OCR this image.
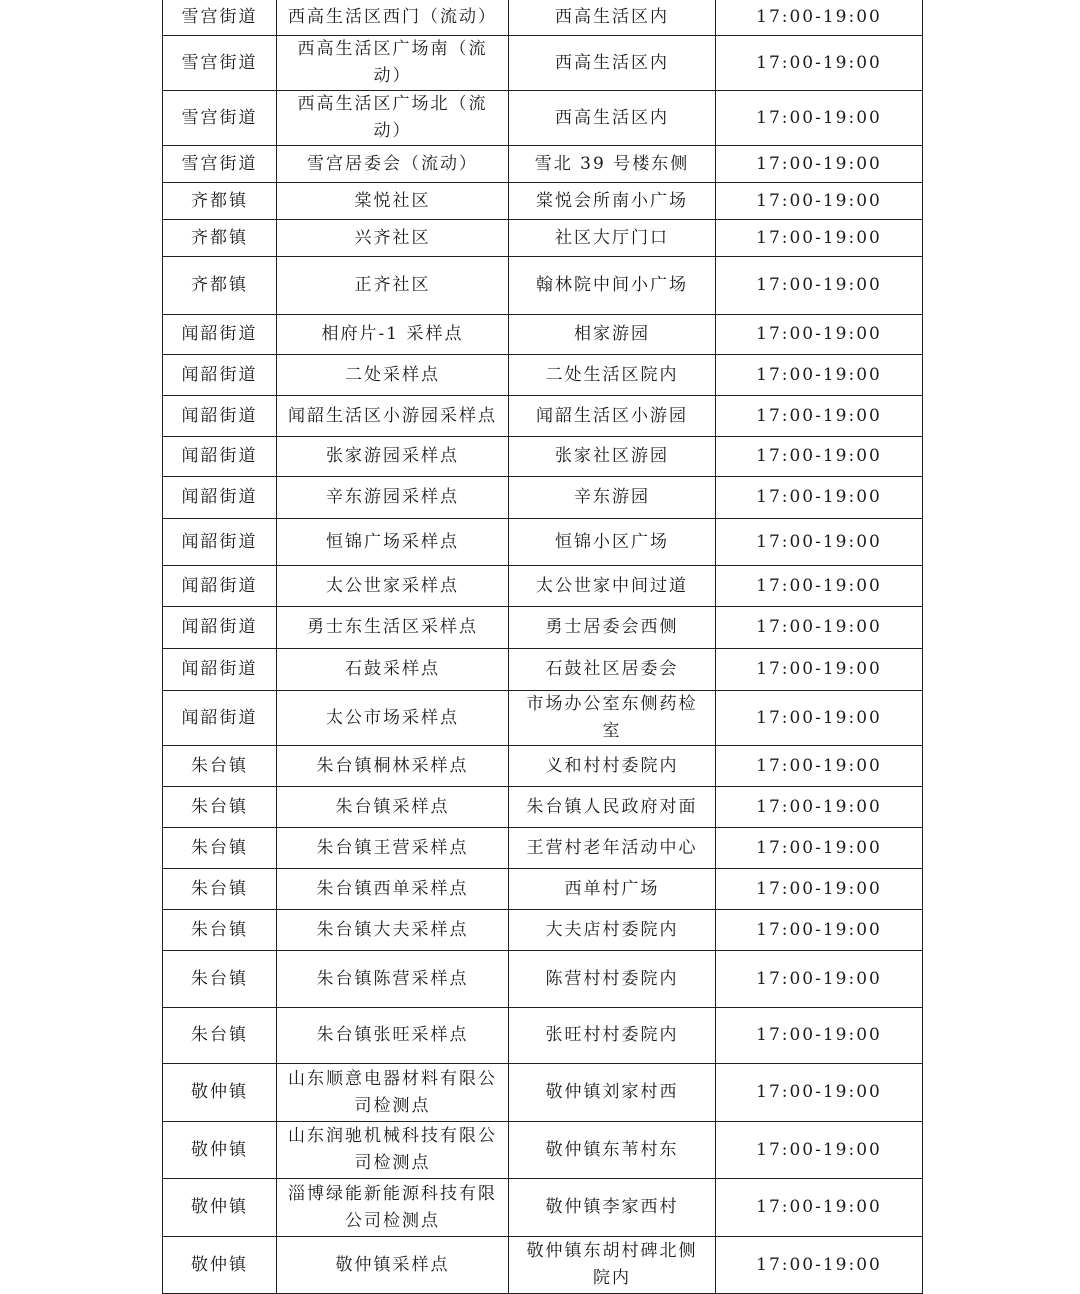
雪宫街道	西高生活区西门（流动）	西高生活区内	17:00-19:00
雪宫街道	西高生活区广场南（流动）	西高生活区内	17:00-19:00
雪宫街道	西高生活区广场北（流动）	西高生活区内	17:00-19:00
雪宫街道	雪宫居委会（流动）	雪北 39 号楼东侧	17:00-19:00
齐都镇	棠悦社区	棠悦会所南小广场	17:00-19:00
齐都镇	兴齐社区	社区大厅门口	17:00-19:00
齐都镇	正齐社区	翰林院中间小广场	17:00-19:00
闻韶街道	相府片-1 采样点	相家游园	17:00-19:00
闻韶街道	二处采样点	二处生活区院内	17:00-19:00
闻韶街道	闻韶生活区小游园采样点	闻韶生活区小游园	17:00-19:00
闻韶街道	张家游园采样点	张家社区游园	17:00-19:00
闻韶街道	辛东游园采样点	辛东游园	17:00-19:00
闻韶街道	恒锦广场采样点	恒锦小区广场	17:00-19:00
闻韶街道	太公世家采样点	太公世家中间过道	17:00-19:00
闻韶街道	勇士东生活区采样点	勇士居委会西侧	17:00-19:00
闻韶街道	石鼓采样点	石鼓社区居委会	17:00-19:00
闻韶街道	太公市场采样点	市场办公室东侧药检室	17:00-19:00
朱台镇	朱台镇桐林采样点	义和村村委院内	17:00-19:00
朱台镇	朱台镇采样点	朱台镇人民政府对面	17:00-19:00
朱台镇	朱台镇王营采样点	王营村老年活动中心	17:00-19:00
朱台镇	朱台镇西单采样点	西单村广场	17:00-19:00
朱台镇	朱台镇大夫采样点	大夫店村委院内	17:00-19:00
朱台镇	朱台镇陈营采样点	陈营村村委院内	17:00-19:00
朱台镇	朱台镇张旺采样点	张旺村村委院内	17:00-19:00
敬仲镇	山东顺意电器材料有限公司检测点	敬仲镇刘家村西	17:00-19:00
敬仲镇	山东润驰机械科技有限公司检测点	敬仲镇东苇村东	17:00-19:00
敬仲镇	淄博绿能新能源科技有限公司检测点	敬仲镇李家西村	17:00-19:00
敬仲镇	敬仲镇采样点	敬仲镇东胡村碑北侧院内	17:00-19:00
